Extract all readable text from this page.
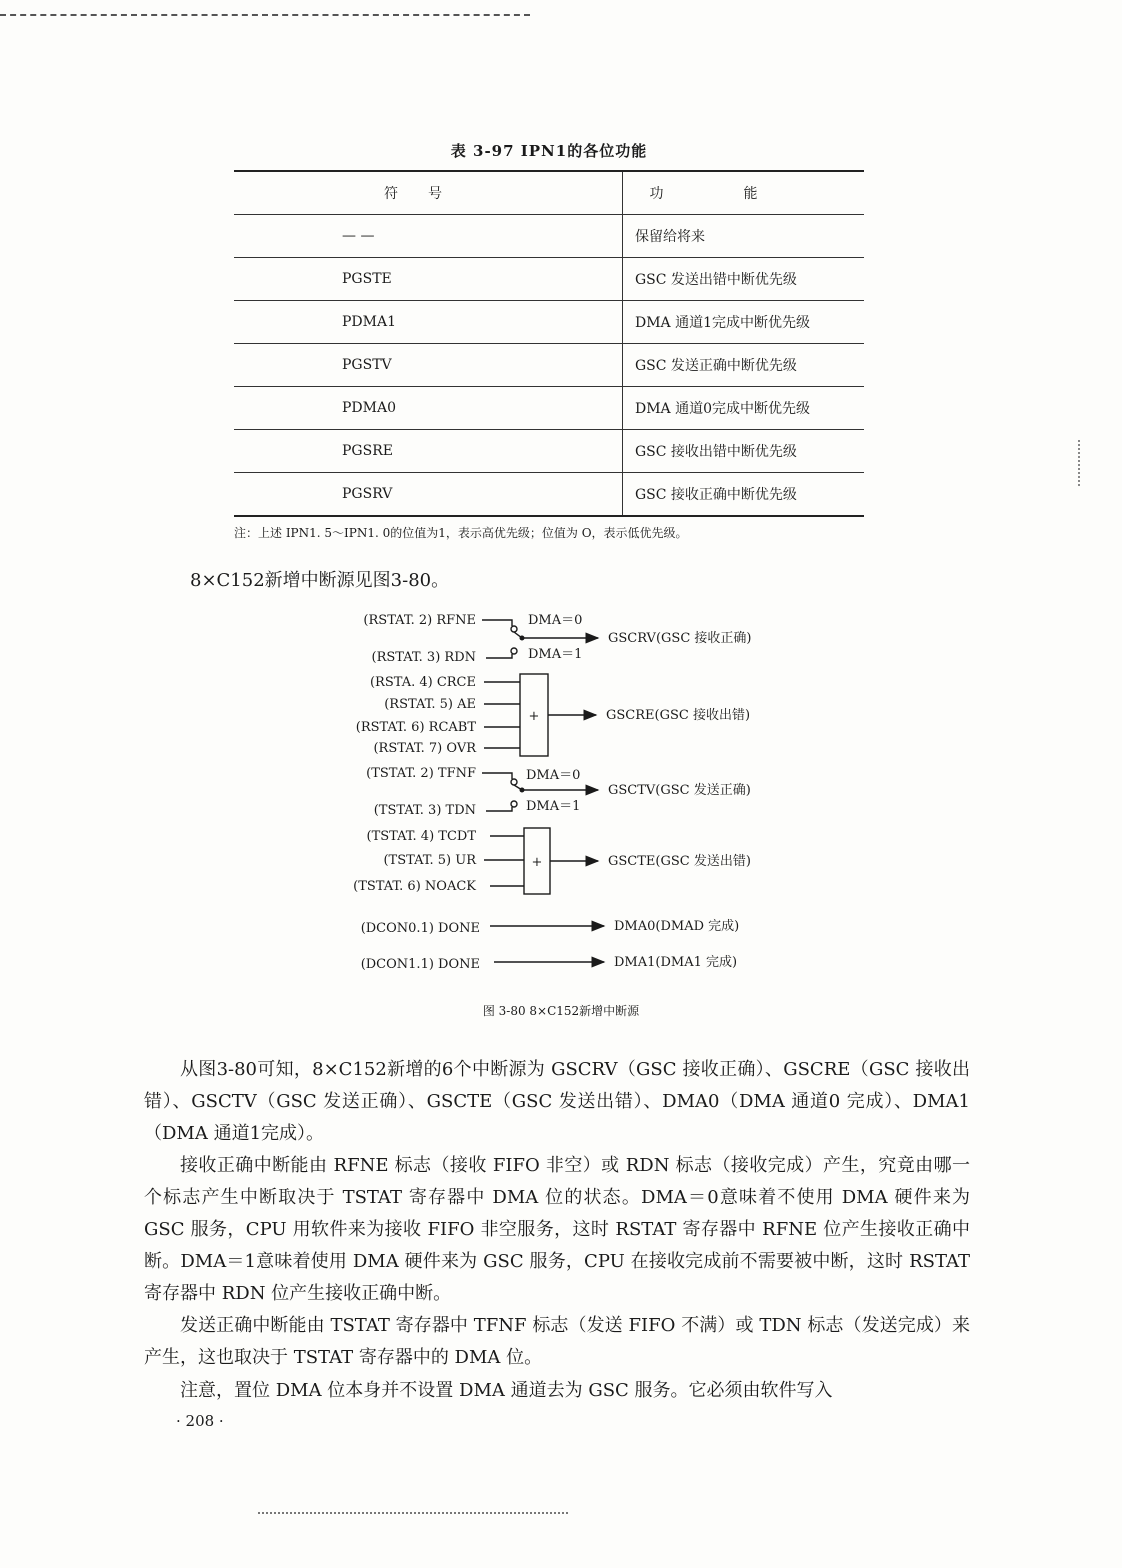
表 3-97 IPN1的各位功能
符号	功能
— —	保留给将来
PGSTE	GSC 发送出错中断优先级
PDMA1	DMA 通道1完成中断优先级
PGSTV	GSC 发送正确中断优先级
PDMA0	DMA 通道0完成中断优先级
PGSRE	GSC 接收出错中断优先级
PGSRV	GSC 接收正确中断优先级
注：上述 IPN1. 5～IPN1. 0的位值为1，表示高优先级；位值为 O，表示低优先级。
8×C152新增中断源见图3-80。
(RSTAT. 2) RFNE
(RSTAT. 3) RDN
DMA＝0
DMA＝1
GSCRV(GSC 接收正确)
(RSTA. 4) CRCE
(RSTAT. 5) AE
(RSTAT. 6) RCABT
(RSTAT. 7) OVR
+	GSCRE(GSC 接收出错)
(TSTAT. 2) TFNF
(TSTAT. 3) TDN
DMA＝0
DMA＝1
GSCTV(GSC 发送正确)
(TSTAT. 4) TCDT
(TSTAT. 5) UR
(TSTAT. 6) NOACK
+	GSCTE(GSC 发送出错)
(DCON0.1) DONE	DMA0(DMAD 完成)
(DCON1.1) DONE	DMA1(DMA1 完成)
图 3-80 8×C152新增中断源

从图3-80可知，8×C152新增的6个中断源为 GSCRV（GSC 接收正确）、GSCRE（GSC 接收出错）、GSCTV（GSC 发送正确）、GSCTE（GSC 发送出错）、DMA0（DMA 通道0 完成）、DMA1（DMA 通道1完成）。

接收正确中断能由 RFNE 标志（接收 FIFO 非空）或 RDN 标志（接收完成）产生，究竟由哪一个标志产生中断取决于 TSTAT 寄存器中 DMA 位的状态。DMA＝0意味着不使用 DMA 硬件来为 GSC 服务，CPU 用软件来为接收 FIFO 非空服务，这时 RSTAT 寄存器中 RFNE 位产生接收正确中断。DMA＝1意味着使用 DMA 硬件来为 GSC 服务，CPU 在接收完成前不需要被中断，这时 RSTAT 寄存器中 RDN 位产生接收正确中断。

发送正确中断能由 TSTAT 寄存器中 TFNF 标志（发送 FIFO 不满）或 TDN 标志（发送完成）来产生，这也取决于 TSTAT 寄存器中的 DMA 位。

注意，置位 DMA 位本身并不设置 DMA 通道去为 GSC 服务。它必须由软件写入

· 208 ·
